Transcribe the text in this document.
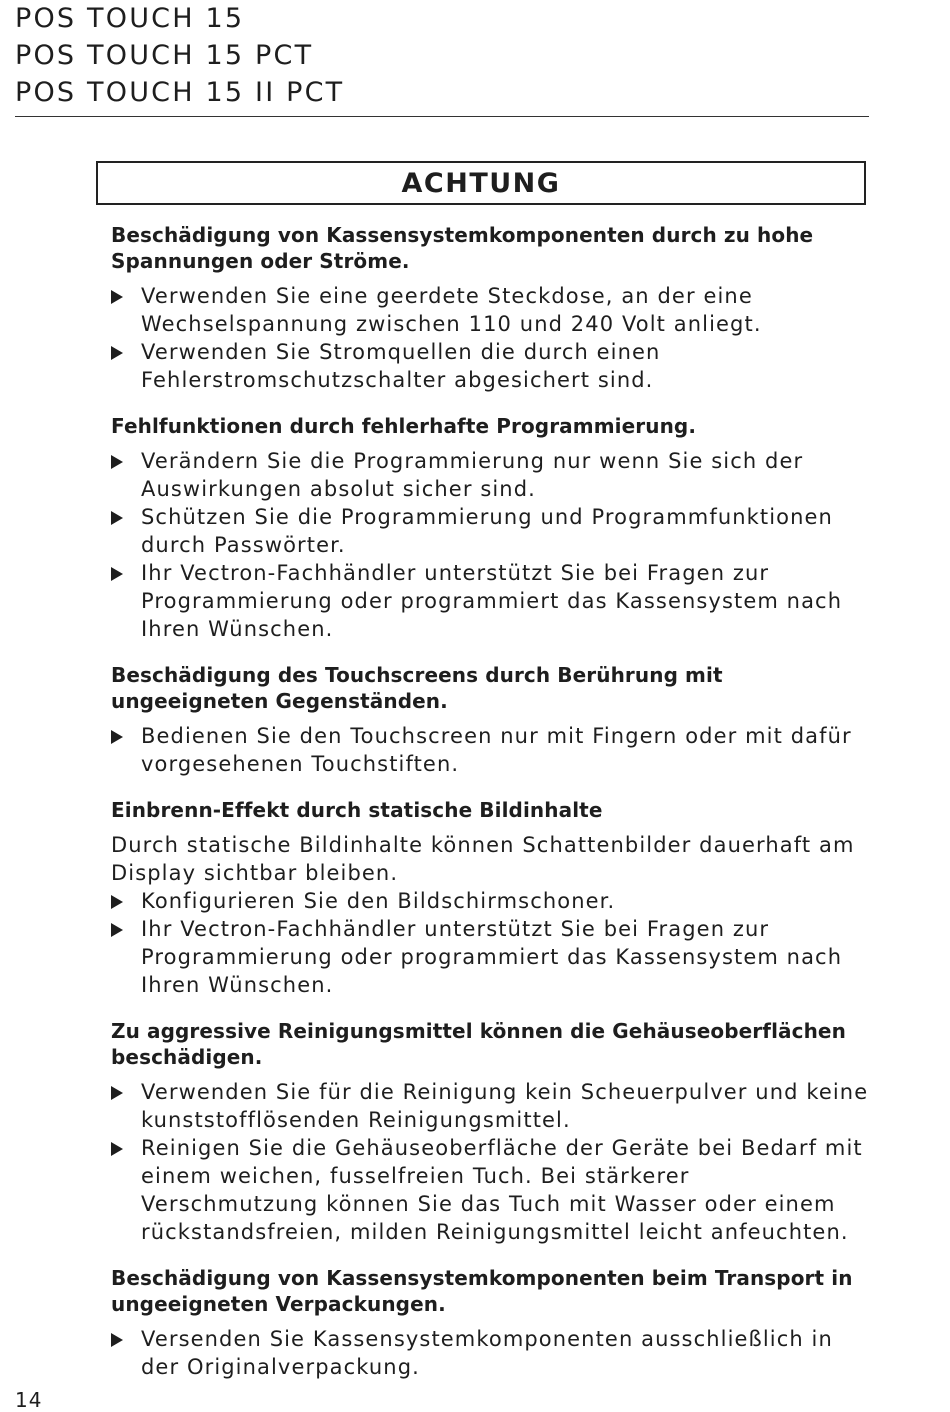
POS TOUCH 15
POS TOUCH 15 PCT
POS TOUCH 15 II PCT
ACHTUNG
Beschädigung von Kassensystemkomponenten durch zu hohe Spannungen oder Ströme.
Verwenden Sie eine geerdete Steckdose, an der eine Wechselspannung zwischen 110 und 240 Volt anliegt.
Verwenden Sie Stromquellen die durch einen Fehlerstromschutzschalter abgesichert sind.
Fehlfunktionen durch fehlerhafte Programmierung.
Verändern Sie die Programmierung nur wenn Sie sich der Auswirkungen absolut sicher sind.
Schützen Sie die Programmierung und Programmfunktionen durch Passwörter.
Ihr Vectron-Fachhändler unterstützt Sie bei Fragen zur Programmierung oder programmiert das Kassensystem nach Ihren Wünschen.
Beschädigung des Touchscreens durch Berührung mit ungeeigneten Gegenständen.
Bedienen Sie den Touchscreen nur mit Fingern oder mit dafür vorgesehenen Touchstiften.
Einbrenn-Effekt durch statische Bildinhalte
Durch statische Bildinhalte können Schattenbilder dauerhaft am Display sichtbar bleiben.
Konfigurieren Sie den Bildschirmschoner.
Ihr Vectron-Fachhändler unterstützt Sie bei Fragen zur Programmierung oder programmiert das Kassensystem nach Ihren Wünschen.
Zu aggressive Reinigungsmittel können die Gehäuseoberflächen beschädigen.
Verwenden Sie für die Reinigung kein Scheuerpulver und keine kunststofflösenden Reinigungsmittel.
Reinigen Sie die Gehäuseoberfläche der Geräte bei Bedarf mit einem weichen, fusselfreien Tuch. Bei stärkerer Verschmutzung können Sie das Tuch mit Wasser oder einem rückstandsfreien, milden Reinigungsmittel leicht anfeuchten.
Beschädigung von Kassensystemkomponenten beim Transport in ungeeigneten Verpackungen.
Versenden Sie Kassensystemkomponenten ausschließlich in der Originalverpackung.
14
